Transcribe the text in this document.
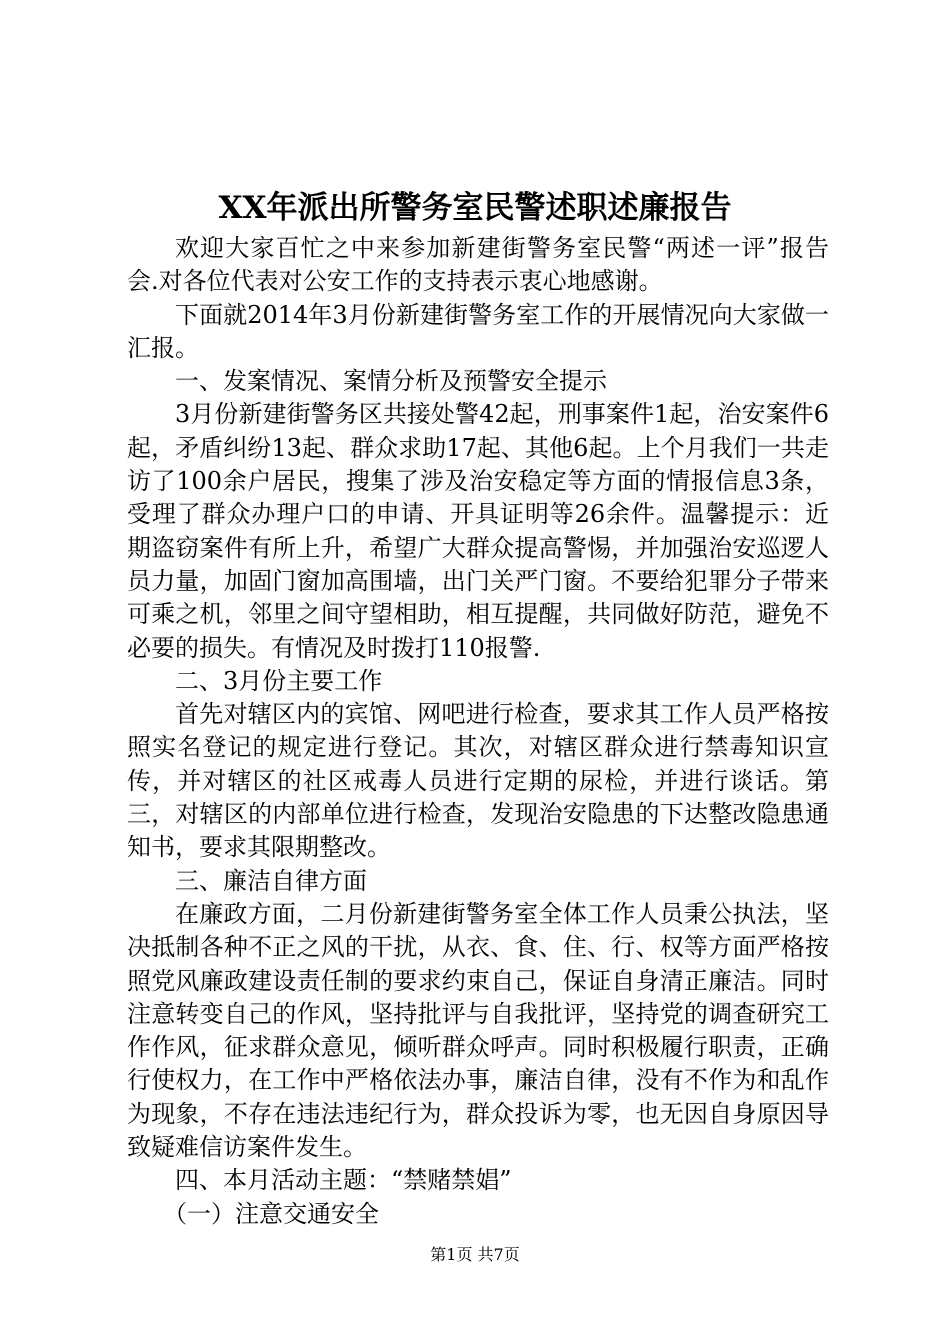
XX年派出所警务室民警述职述廉报告

欢迎大家百忙之中来参加新建街警务室民警“两述一评”报告会.对各位代表对公安工作的支持表示衷心地感谢。

下面就2014年3月份新建街警务室工作的开展情况向大家做一汇报。

一、发案情况、案情分析及预警安全提示

3月份新建街警务区共接处警42起，刑事案件1起，治安案件6起，矛盾纠纷13起、群众求助17起、其他6起。上个月我们一共走访了100余户居民，搜集了涉及治安稳定等方面的情报信息3条，受理了群众办理户口的申请、开具证明等26余件。温馨提示：近期盗窃案件有所上升，希望广大群众提高警惕，并加强治安巡逻人员力量，加固门窗加高围墙，出门关严门窗。不要给犯罪分子带来可乘之机，邻里之间守望相助，相互提醒，共同做好防范，避免不必要的损失。有情况及时拨打110报警.

二、3月份主要工作

首先对辖区内的宾馆、网吧进行检查，要求其工作人员严格按照实名登记的规定进行登记。其次，对辖区群众进行禁毒知识宣传，并对辖区的社区戒毒人员进行定期的尿检，并进行谈话。第三，对辖区的内部单位进行检查，发现治安隐患的下达整改隐患通知书，要求其限期整改。

三、廉洁自律方面

在廉政方面，二月份新建街警务室全体工作人员秉公执法，坚决抵制各种不正之风的干扰，从衣、食、住、行、权等方面严格按照党风廉政建设责任制的要求约束自己，保证自身清正廉洁。同时注意转变自己的作风，坚持批评与自我批评，坚持党的调查研究工作作风，征求群众意见，倾听群众呼声。同时积极履行职责，正确行使权力，在工作中严格依法办事，廉洁自律，没有不作为和乱作为现象，不存在违法违纪行为，群众投诉为零，也无因自身原因导致疑难信访案件发生。

四、本月活动主题：“禁赌禁娼”

（一）注意交通安全

第1页 共7页
